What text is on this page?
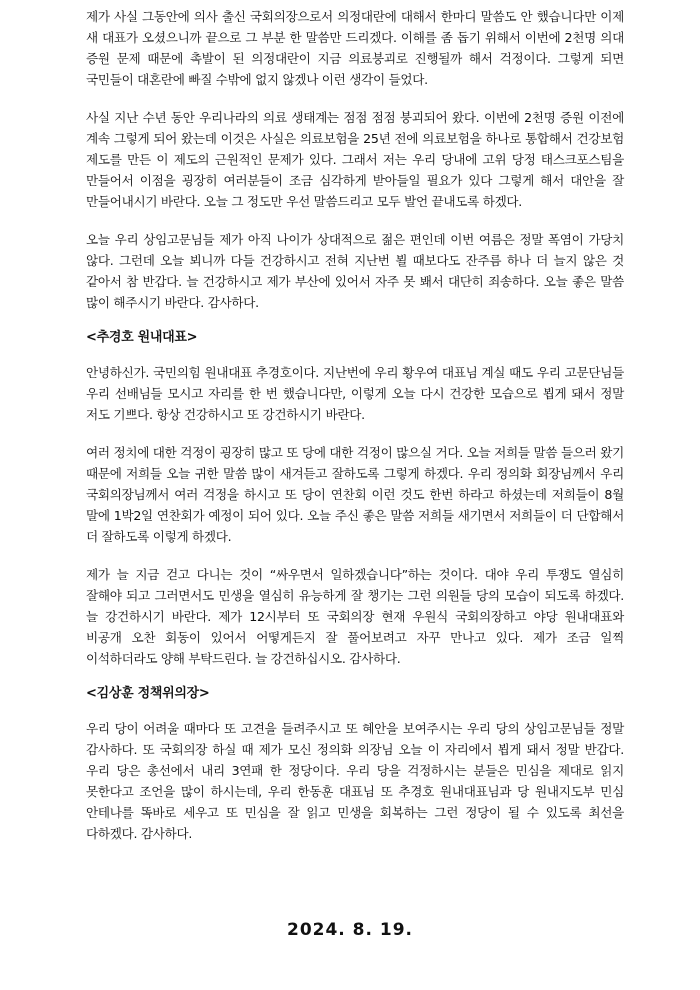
제가 사실 그동안에 의사 출신 국회의장으로서 의정대란에 대해서 한마디 말씀도 안 했습니다만 이제 새 대표가 오셨으니까 끝으로 그 부분 한 말씀만 드리겠다. 이해를 좀 돕기 위해서 이번에 2천명 의대 증원 문제 때문에 촉발이 된 의정대란이 지금 의료붕괴로 진행될까 해서 걱정이다. 그렇게 되면 국민들이 대혼란에 빠질 수밖에 없지 않겠나 이런 생각이 들었다.

사실 지난 수년 동안 우리나라의 의료 생태계는 점점 점점 붕괴되어 왔다. 이번에 2천명 증원 이전에 계속 그렇게 되어 왔는데 이것은 사실은 의료보험을 25년 전에 의료보험을 하나로 통합해서 건강보험 제도를 만든 이 제도의 근원적인 문제가 있다. 그래서 저는 우리 당내에 고위 당정 태스크포스팀을 만들어서 이점을 굉장히 여러분들이 조금 심각하게 받아들일 필요가 있다 그렇게 해서 대안을 잘 만들어내시기 바란다. 오늘 그 정도만 우선 말씀드리고 모두 발언 끝내도록 하겠다.

오늘 우리 상임고문님들 제가 아직 나이가 상대적으로 젊은 편인데 이번 여름은 정말 폭염이 가당치 않다. 그런데 오늘 뵈니까 다들 건강하시고 전혀 지난번 뵐 때보다도 잔주름 하나 더 늘지 않은 것 같아서 참 반갑다. 늘 건강하시고 제가 부산에 있어서 자주 못 봬서 대단히 죄송하다. 오늘 좋은 말씀 많이 해주시기 바란다. 감사하다.

<추경호 원내대표>

안녕하신가. 국민의힘 원내대표 추경호이다. 지난번에 우리 황우여 대표님 계실 때도 우리 고문단님들 우리 선배님들 모시고 자리를 한 번 했습니다만, 이렇게 오늘 다시 건강한 모습으로 뵙게 돼서 정말 저도 기쁘다. 항상 건강하시고 또 강건하시기 바란다.

여러 정치에 대한 걱정이 굉장히 많고 또 당에 대한 걱정이 많으실 거다. 오늘 저희들 말씀 들으러 왔기 때문에 저희들 오늘 귀한 말씀 많이 새겨듣고 잘하도록 그렇게 하겠다. 우리 정의화 회장님께서 우리 국회의장님께서 여러 걱정을 하시고 또 당이 연찬회 이런 것도 한번 하라고 하셨는데 저희들이 8월 말에 1박2일 연찬회가 예정이 되어 있다. 오늘 주신 좋은 말씀 저희들 새기면서 저희들이 더 단합해서 더 잘하도록 이렇게 하겠다.

제가 늘 지금 걷고 다니는 것이 “싸우면서 일하겠습니다”하는 것이다. 대야 우리 투쟁도 열심히 잘해야 되고 그러면서도 민생을 열심히 유능하게 잘 챙기는 그런 의원들 당의 모습이 되도록 하겠다. 늘 강건하시기 바란다. 제가 12시부터 또 국회의장 현재 우원식 국회의장하고 야당 원내대표와 비공개 오찬 회동이 있어서 어떻게든지 잘 풀어보려고 자꾸 만나고 있다. 제가 조금 일찍 이석하더라도 양해 부탁드린다. 늘 강건하십시오. 감사하다.

<김상훈 정책위의장>

우리 당이 어려울 때마다 또 고견을 들려주시고 또 혜안을 보여주시는 우리 당의 상임고문님들 정말 감사하다. 또 국회의장 하실 때 제가 모신 정의화 의장님 오늘 이 자리에서 뵙게 돼서 정말 반갑다. 우리 당은 총선에서 내리 3연패 한 정당이다. 우리 당을 걱정하시는 분들은 민심을 제대로 읽지 못한다고 조언을 많이 하시는데, 우리 한동훈 대표님 또 추경호 원내대표님과 당 원내지도부 민심 안테나를 똑바로 세우고 또 민심을 잘 읽고 민생을 회복하는 그런 정당이 될 수 있도록 최선을 다하겠다. 감사하다.

2024. 8. 19.
